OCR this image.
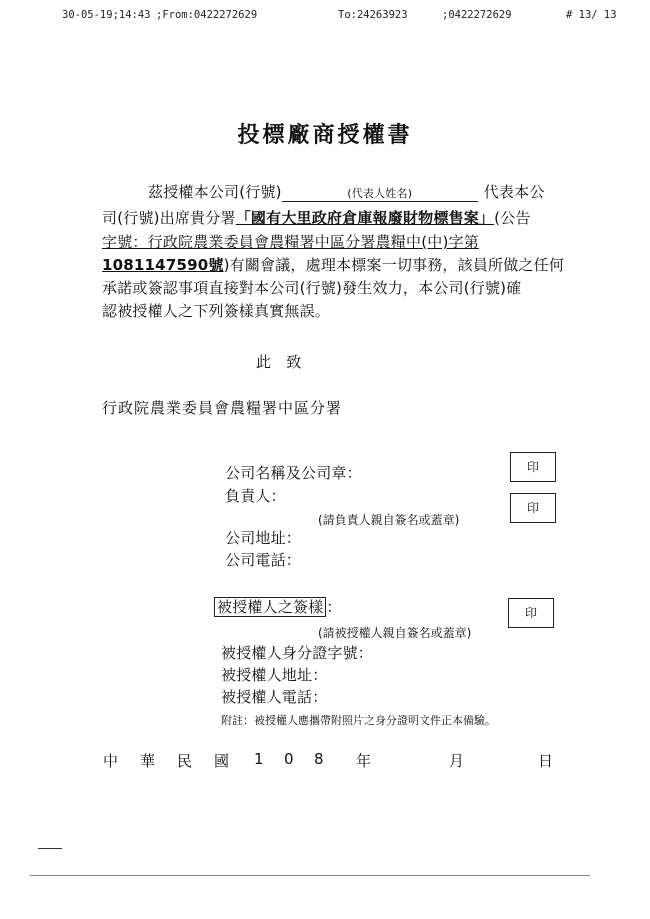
30-05-19;14:43 ;From:0422272629	To:24263923	;0422272629	# 13/ 13
投標廠商授權書
茲授權本公司(行號)	(代表人姓名)	代表本公
司(行號)出席貴分署「國有大里政府倉庫報廢財物標售案」(公告
字號：行政院農業委員會農糧署中區分署農糧中(中)字第
1081147590號)有關會議，處理本標案一切事務，該員所做之任何
承諾或簽認事項直接對本公司(行號)發生效力，本公司(行號)確
認被授權人之下列簽樣真實無誤。
此　致
行政院農業委員會農糧署中區分署
公司名稱及公司章：	印
負責人：
印
(請負責人親自簽名或蓋章)
公司地址：
公司電話：
被授權人之簽樣 ：	印
(請被授權人親自簽名或蓋章)
被授權人身分證字號：
被授權人地址：
被授權人電話：
附註：被授權人應攜帶附照片之身分證明文件正本備驗。
中 華 民 國 1 0 8 年	月	日
